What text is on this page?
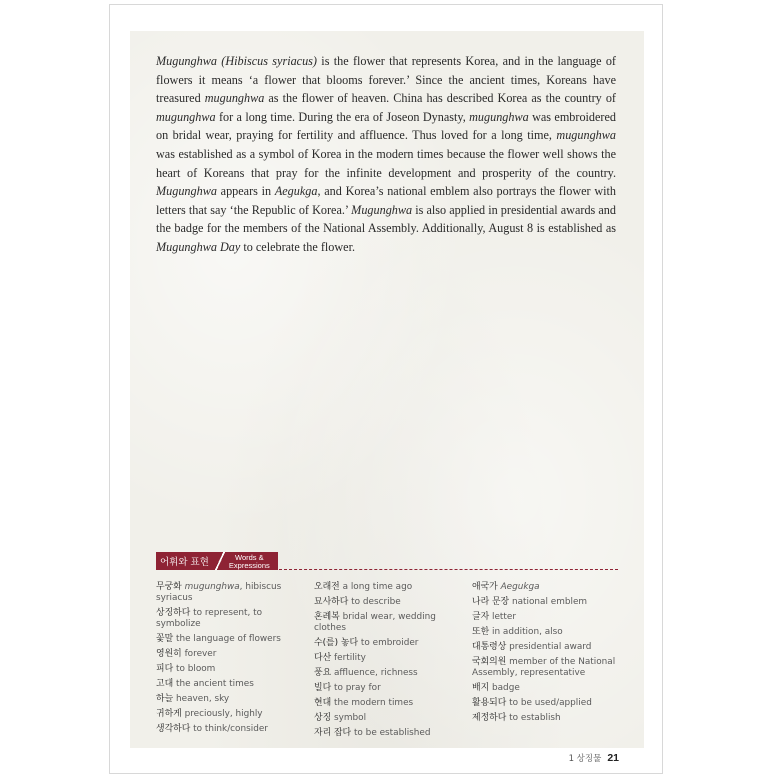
Mugunghwa (Hibiscus syriacus) is the flower that represents Korea, and in the language of flowers it means ‘a flower that blooms forever.’ Since the ancient times, Koreans have treasured mugunghwa as the flower of heaven. China has described Korea as the country of mugunghwa for a long time. During the era of Joseon Dynasty, mugunghwa was embroidered on bridal wear, praying for fertility and affluence. Thus loved for a long time, mugunghwa was established as a symbol of Korea in the modern times because the flower well shows the heart of Koreans that pray for the infinite development and prosperity of the country. Mugunghwa appears in Aegukga, and Korea’s national emblem also portrays the flower with letters that say ‘the Republic of Korea.’ Mugunghwa is also applied in presidential awards and the badge for the members of the National Assembly. Additionally, August 8 is established as Mugunghwa Day to celebrate the flower.

어휘와 표현	Words &
Expressions
무궁화 mugunghwa, hibiscus syriacus
상징하다 to represent, to symbolize
꽃말 the language of flowers
영원히 forever
피다 to bloom
고대 the ancient times
하늘 heaven, sky
귀하게 preciously, highly
생각하다 to think/consider
오래전 a long time ago
묘사하다 to describe
혼례복 bridal wear, wedding clothes
수(를) 놓다 to embroider
다산 fertility
풍요 affluence, richness
빌다 to pray for
현대 the modern times
상징 symbol
자리 잡다 to be established
애국가 Aegukga
나라 문장 national emblem
글자 letter
또한 in addition, also
대통령상 presidential award
국회의원 member of the National Assembly, representative
배지 badge
활용되다 to be used/applied
제정하다 to establish
1 상징물 21
